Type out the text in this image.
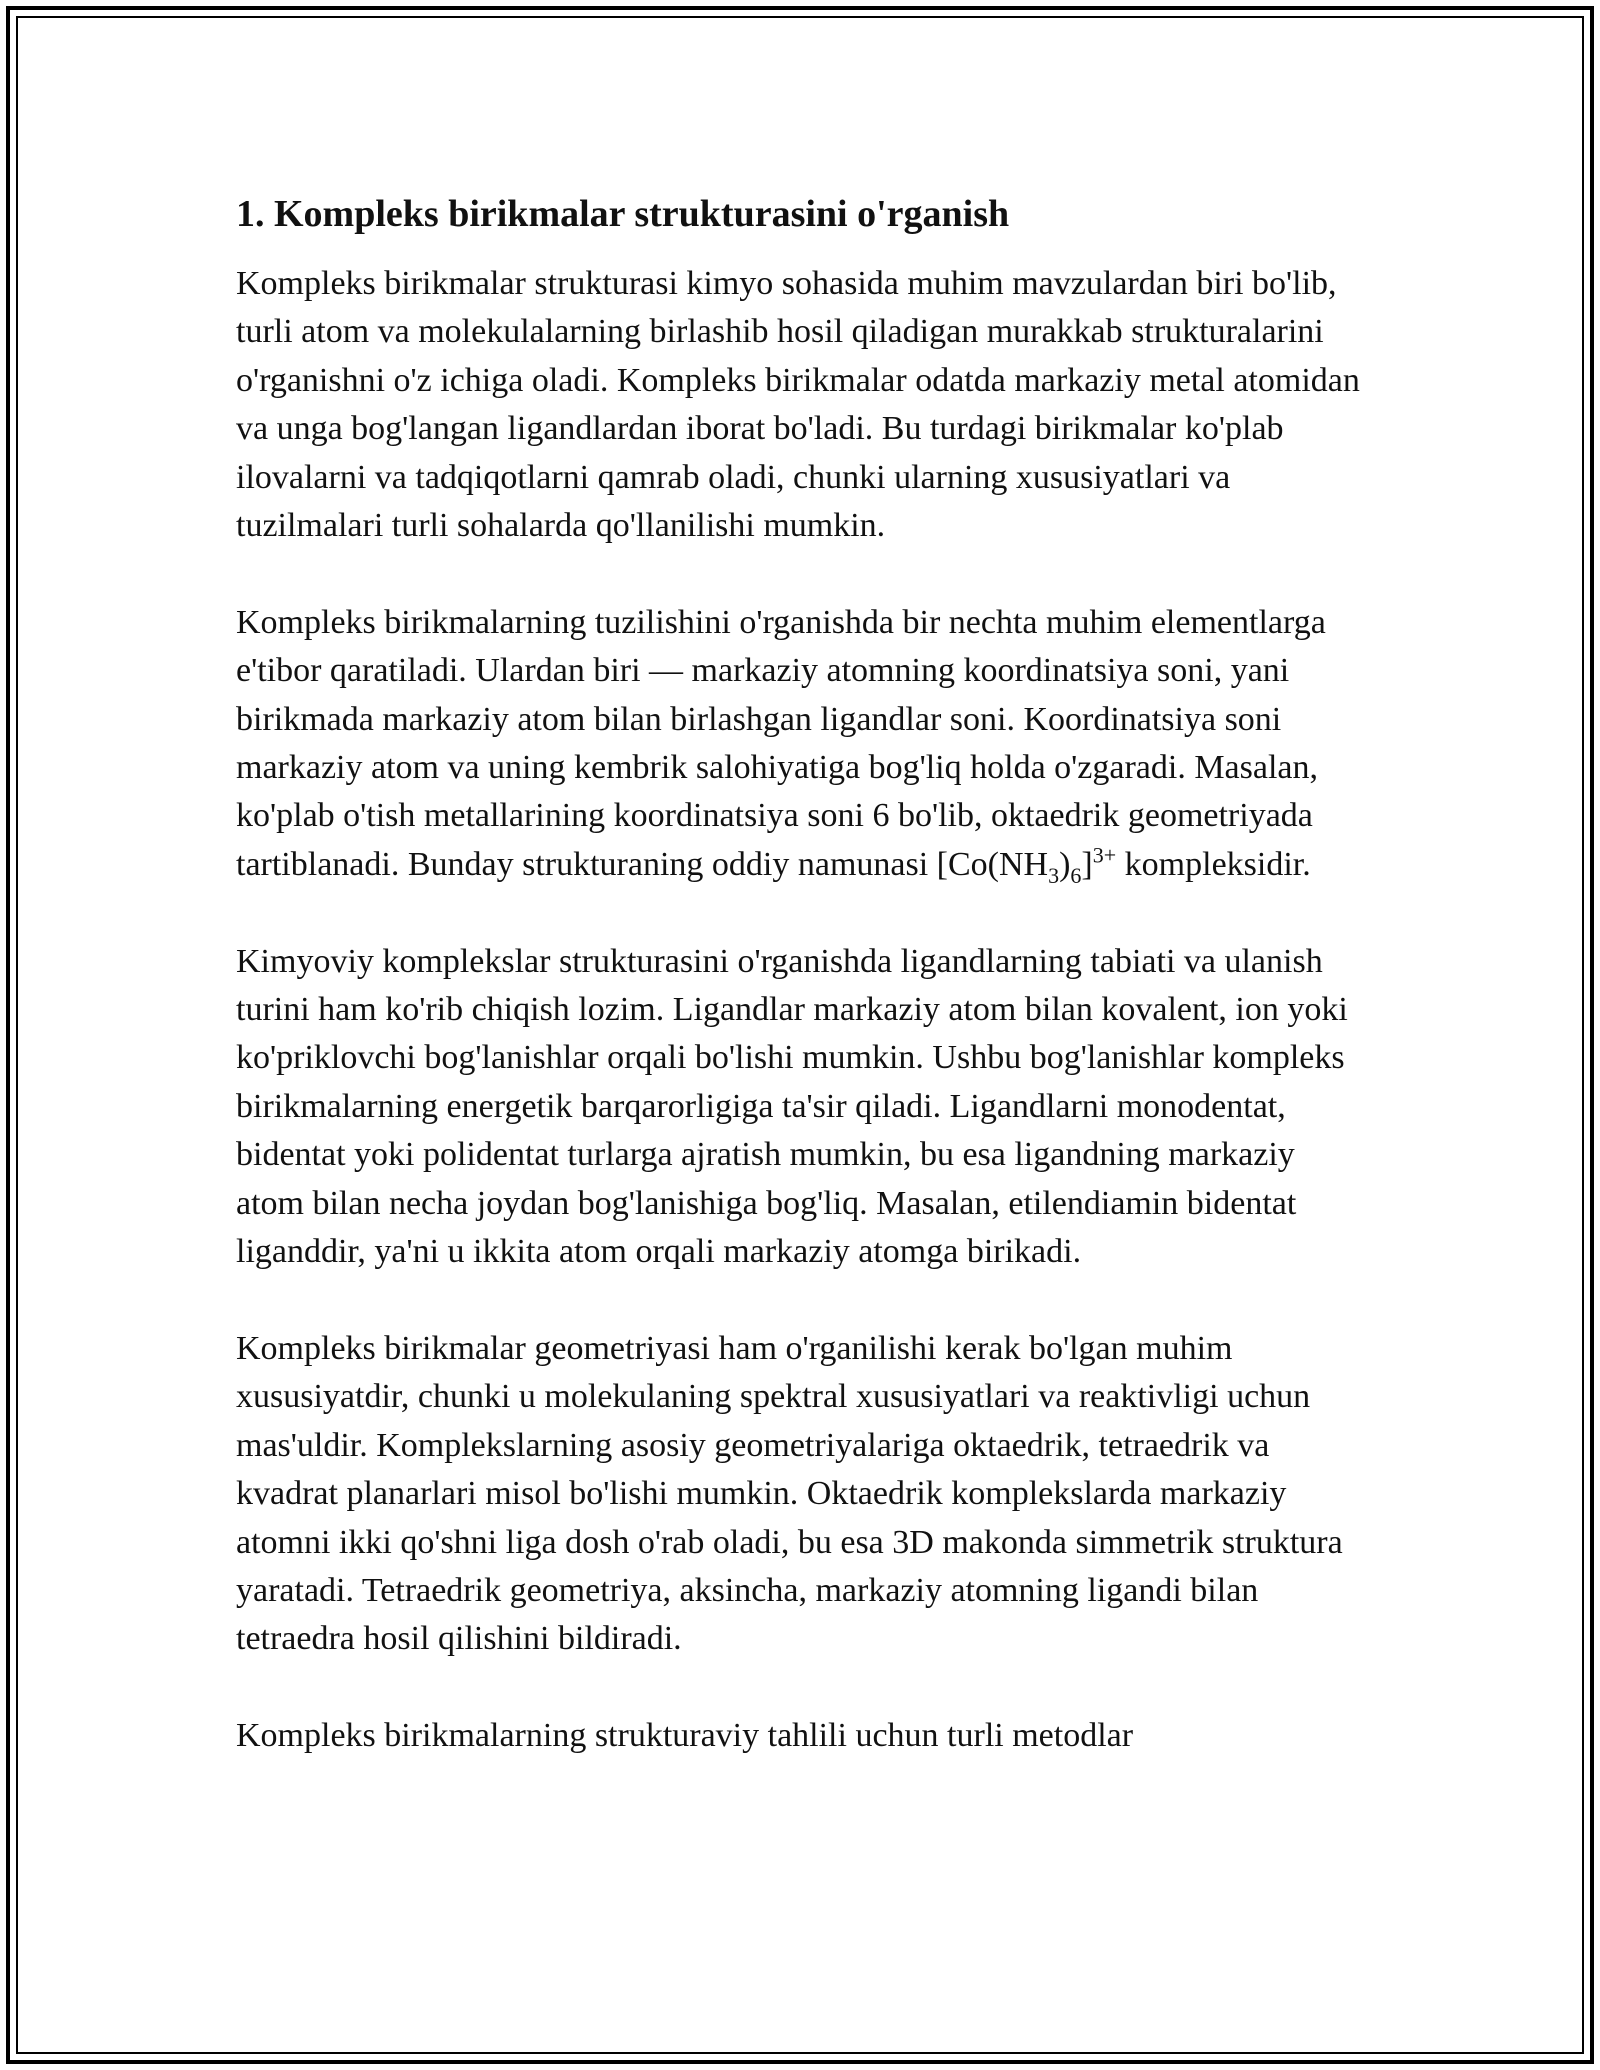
1. Kompleks birikmalar strukturasini o'rganish

Kompleks birikmalar strukturasi kimyo sohasida muhim mavzulardan biri bo'lib, turli atom va molekulalarning birlashib hosil qiladigan murakkab strukturalarini o'rganishni o'z ichiga oladi. Kompleks birikmalar odatda markaziy metal atomidan va unga bog'langan ligandlardan iborat bo'ladi. Bu turdagi birikmalar ko'plab ilovalarni va tadqiqotlarni qamrab oladi, chunki ularning xususiyatlari va tuzilmalari turli sohalarda qo'llanilishi mumkin.

Kompleks birikmalarning tuzilishini o'rganishda bir nechta muhim elementlarga e'tibor qaratiladi. Ulardan biri — markaziy atomning koordinatsiya soni, yani birikmada markaziy atom bilan birlashgan ligandlar soni. Koordinatsiya soni markaziy atom va uning kembrik salohiyatiga bog'liq holda o'zgaradi. Masalan, ko'plab o'tish metallarining koordinatsiya soni 6 bo'lib, oktaedrik geometriyada tartiblanadi. Bunday strukturaning oddiy namunasi $[Co(NH_3)_6]^{3+}$ kompleksidir.

Kimyoviy komplekslar strukturasini o'rganishda ligandlarning tabiati va ulanish turini ham ko'rib chiqish lozim. Ligandlar markaziy atom bilan kovalent, ion yoki ko'priklovchi bog'lanishlar orqali bo'lishi mumkin. Ushbu bog'lanishlar kompleks birikmalarning energetik barqarorligiga ta'sir qiladi. Ligandlarni monodentat, bidentat yoki polidentat turlarga ajratish mumkin, bu esa ligandning markaziy atom bilan necha joydan bog'lanishiga bog'liq. Masalan, etilendiamin bidentat liganddir, ya'ni u ikkita atom orqali markaziy atomga birikadi.

Kompleks birikmalar geometriyasi ham o'rganilishi kerak bo'lgan muhim xususiyatdir, chunki u molekulaning spektral xususiyatlari va reaktivligi uchun mas'uldir. Komplekslarning asosiy geometriyalariga oktaedrik, tetraedrik va kvadrat planarlari misol bo'lishi mumkin. Oktaedrik komplekslarda markaziy atomni ikki qo'shni liga dosh o'rab oladi, bu esa 3D makonda simmetrik struktura yaratadi. Tetraedrik geometriya, aksincha, markaziy atomning ligandi bilan tetraedra hosil qilishini bildiradi.

Kompleks birikmalarning strukturaviy tahlili uchun turli metodlar
